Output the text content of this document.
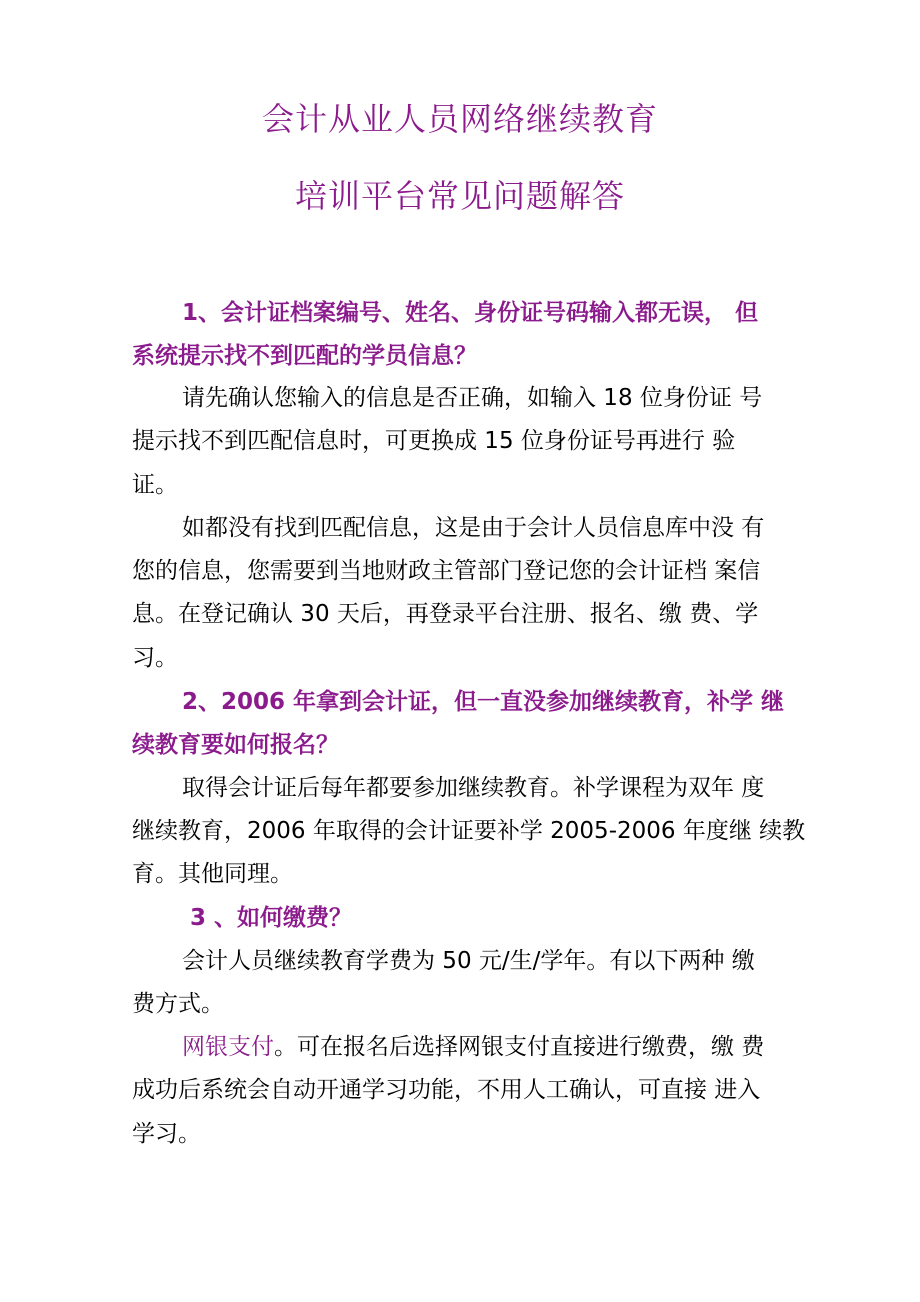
会计从业人员网络继续教育
培训平台常见问题解答
1、会计证档案编号、姓名、身份证号码输入都无误， 但
系统提示找不到匹配的学员信息？
请先确认您输入的信息是否正确，如输入 18 位身份证 号
提示找不到匹配信息时，可更换成 15 位身份证号再进行 验
证。
如都没有找到匹配信息，这是由于会计人员信息库中没 有
您的信息，您需要到当地财政主管部门登记您的会计证档 案信
息。在登记确认 30 天后，再登录平台注册、报名、缴 费、学
习。
2、2006 年拿到会计证，但一直没参加继续教育，补学 继
续教育要如何报名？
取得会计证后每年都要参加继续教育。补学课程为双年 度
继续教育，2006 年取得的会计证要补学 2005-2006 年度继 续教
育。其他同理。
3 、如何缴费？
会计人员继续教育学费为 50 元/生/学年。有以下两种 缴
费方式。
网银支付。可在报名后选择网银支付直接进行缴费，缴 费
成功后系统会自动开通学习功能，不用人工确认，可直接 进入
学习。
